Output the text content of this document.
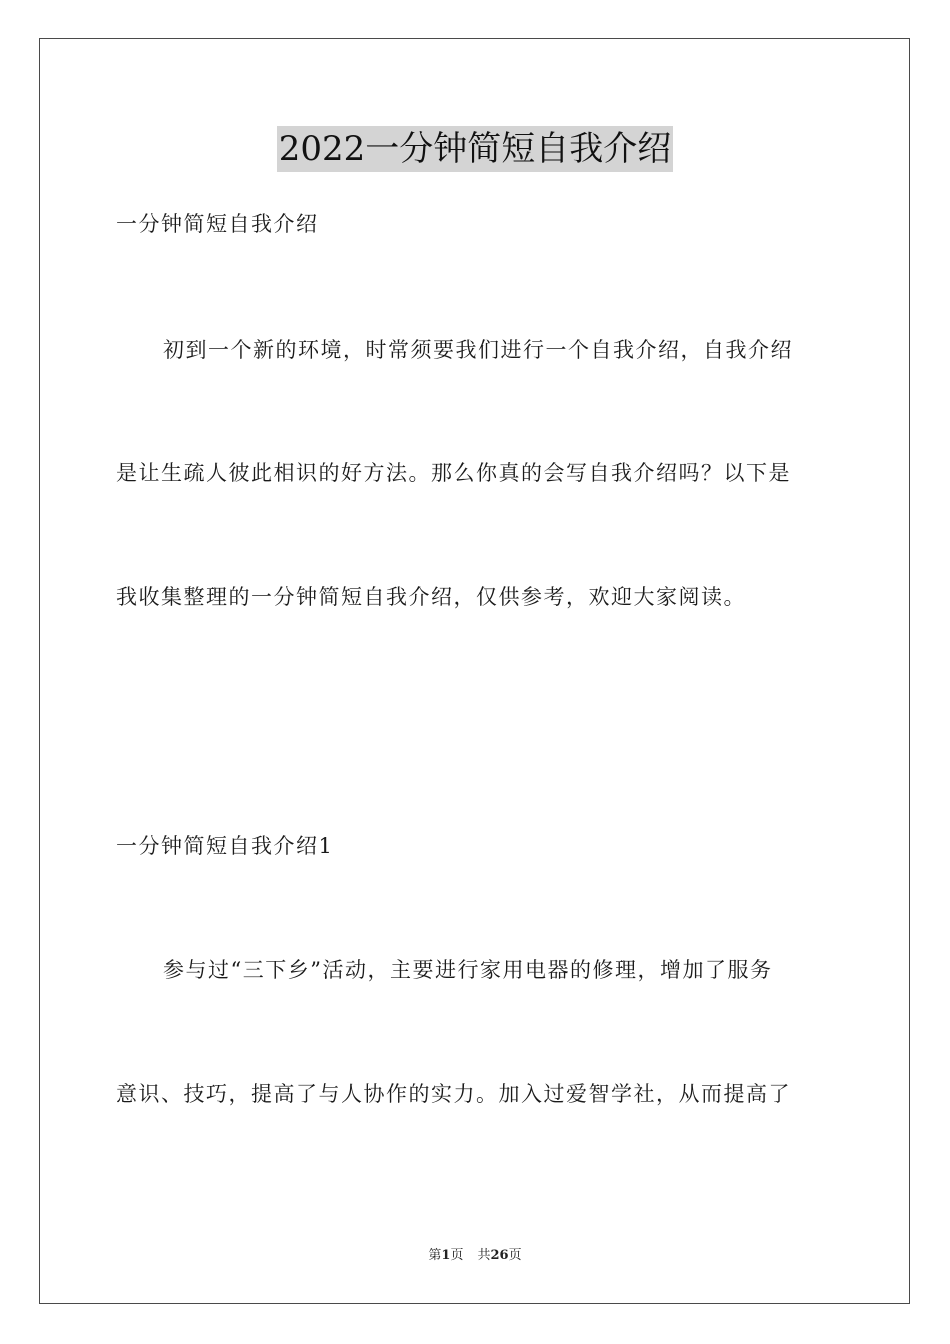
2022一分钟简短自我介绍
一分钟简短自我介绍
初到一个新的环境，时常须要我们进行一个自我介绍，自我介绍
是让生疏人彼此相识的好方法。那么你真的会写自我介绍吗？以下是
我收集整理的一分钟简短自我介绍，仅供参考，欢迎大家阅读。
一分钟简短自我介绍1
参与过“三下乡”活动，主要进行家用电器的修理，增加了服务
意识、技巧，提高了与人协作的实力。加入过爱智学社，从而提高了
第1页 共26页
